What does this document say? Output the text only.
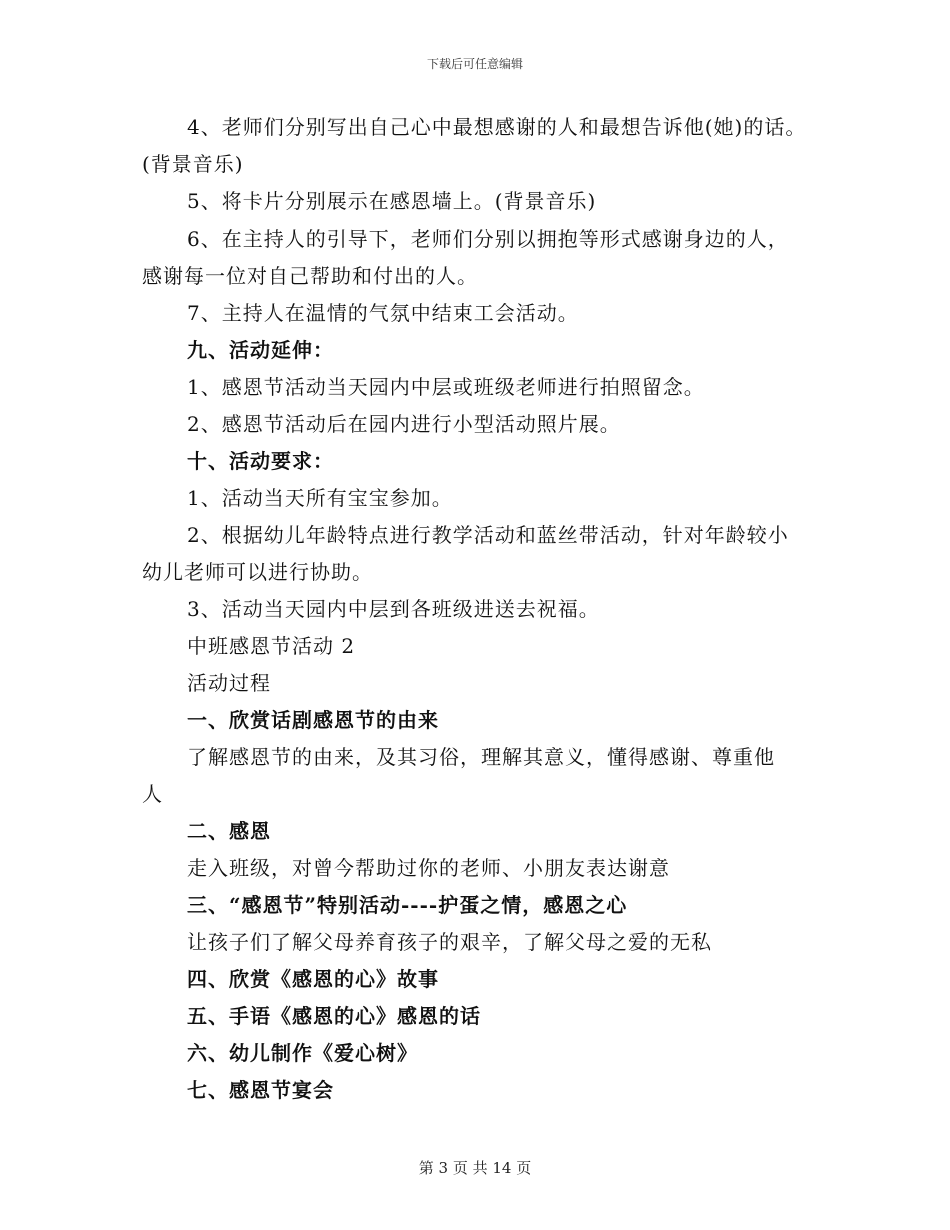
下载后可任意编辑
4、老师们分别写出自己心中最想感谢的人和最想告诉他(她)的话。
(背景音乐)
5、将卡片分别展示在感恩墙上。(背景音乐)
6、在主持人的引导下，老师们分别以拥抱等形式感谢身边的人，
感谢每一位对自己帮助和付出的人。
7、主持人在温情的气氛中结束工会活动。
九、活动延伸：
1、感恩节活动当天园内中层或班级老师进行拍照留念。
2、感恩节活动后在园内进行小型活动照片展。
十、活动要求：
1、活动当天所有宝宝参加。
2、根据幼儿年龄特点进行教学活动和蓝丝带活动，针对年龄较小
幼儿老师可以进行协助。
3、活动当天园内中层到各班级进送去祝福。
中班感恩节活动 2
活动过程
一、欣赏话剧感恩节的由来
了解感恩节的由来，及其习俗，理解其意义，懂得感谢、尊重他
人
二、感恩
走入班级，对曾今帮助过你的老师、小朋友表达谢意
三、“感恩节”特别活动----护蛋之情，感恩之心
让孩子们了解父母养育孩子的艰辛，了解父母之爱的无私
四、欣赏《感恩的心》故事
五、手语《感恩的心》感恩的话
六、幼儿制作《爱心树》
七、感恩节宴会
第 3 页 共 14 页
